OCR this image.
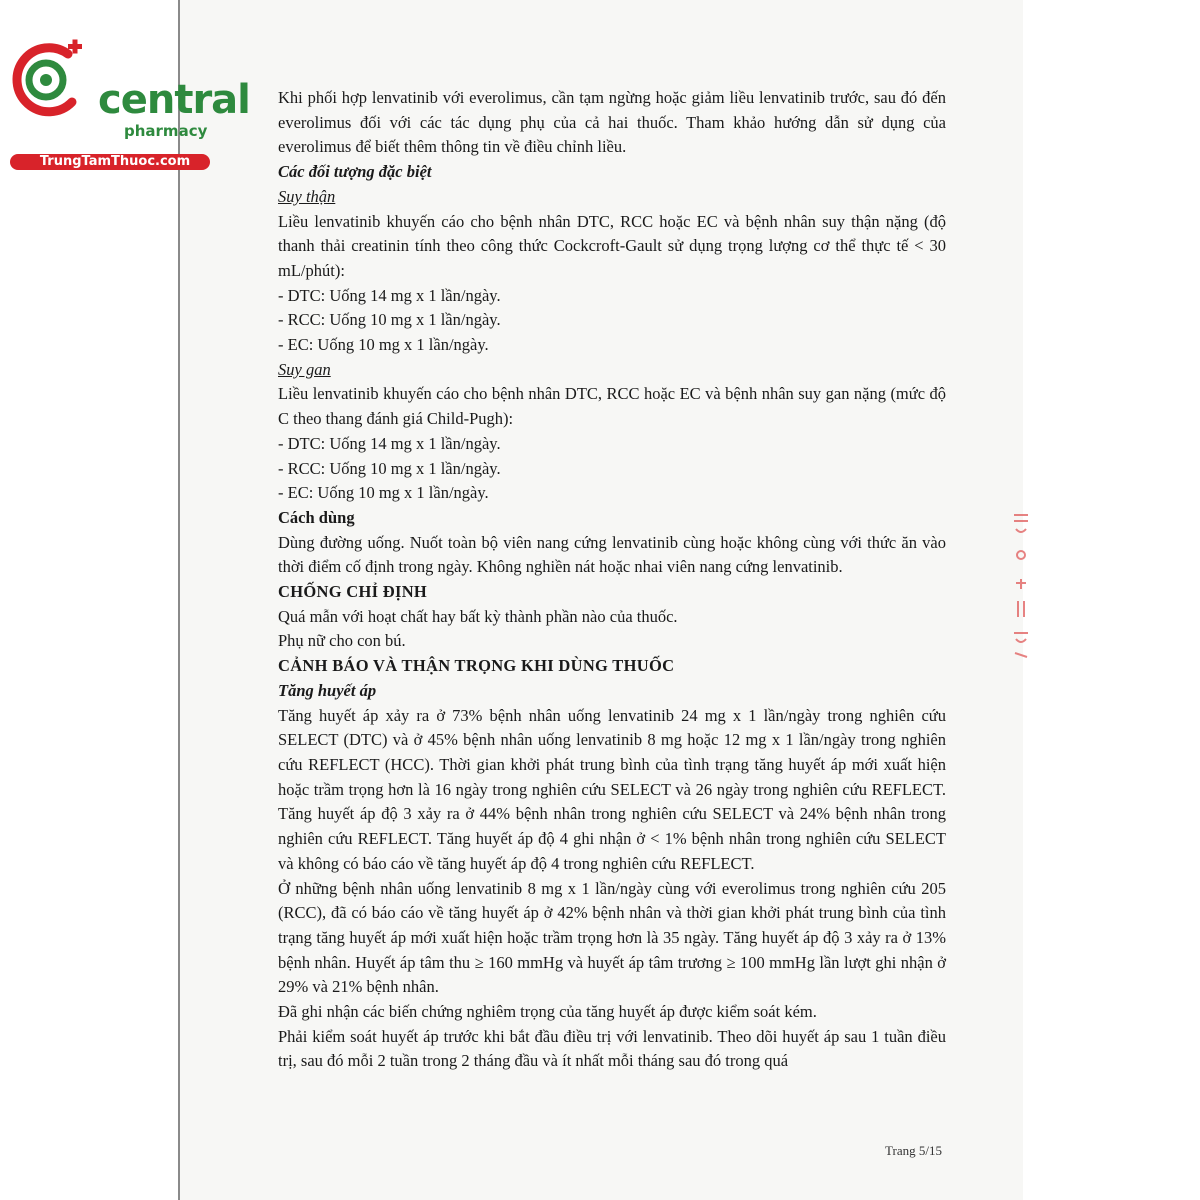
central
pharmacy
TrungTamThuoc.com

Khi phối hợp lenvatinib với everolimus, cần tạm ngừng hoặc giảm liều lenvatinib trước, sau đó đến everolimus đối với các tác dụng phụ của cả hai thuốc. Tham khảo hướng dẫn sử dụng của everolimus để biết thêm thông tin về điều chỉnh liều.

Các đối tượng đặc biệt

Suy thận

Liều lenvatinib khuyến cáo cho bệnh nhân DTC, RCC hoặc EC và bệnh nhân suy thận nặng (độ thanh thải creatinin tính theo công thức Cockcroft-Gault sử dụng trọng lượng cơ thể thực tế < 30 mL/phút):

- DTC: Uống 14 mg x 1 lần/ngày.
- RCC: Uống 10 mg x 1 lần/ngày.
- EC: Uống 10 mg x 1 lần/ngày.

Suy gan

Liều lenvatinib khuyến cáo cho bệnh nhân DTC, RCC hoặc EC và bệnh nhân suy gan nặng (mức độ C theo thang đánh giá Child-Pugh):

- DTC: Uống 14 mg x 1 lần/ngày.
- RCC: Uống 10 mg x 1 lần/ngày.
- EC: Uống 10 mg x 1 lần/ngày.

Cách dùng

Dùng đường uống. Nuốt toàn bộ viên nang cứng lenvatinib cùng hoặc không cùng với thức ăn vào thời điểm cố định trong ngày. Không nghiền nát hoặc nhai viên nang cứng lenvatinib.

CHỐNG CHỈ ĐỊNH

Quá mẫn với hoạt chất hay bất kỳ thành phần nào của thuốc.
Phụ nữ cho con bú.

CẢNH BÁO VÀ THẬN TRỌNG KHI DÙNG THUỐC

Tăng huyết áp

Tăng huyết áp xảy ra ở 73% bệnh nhân uống lenvatinib 24 mg x 1 lần/ngày trong nghiên cứu SELECT (DTC) và ở 45% bệnh nhân uống lenvatinib 8 mg hoặc 12 mg x 1 lần/ngày trong nghiên cứu REFLECT (HCC). Thời gian khởi phát trung bình của tình trạng tăng huyết áp mới xuất hiện hoặc trầm trọng hơn là 16 ngày trong nghiên cứu SELECT và 26 ngày trong nghiên cứu REFLECT. Tăng huyết áp độ 3 xảy ra ở 44% bệnh nhân trong nghiên cứu SELECT và 24% bệnh nhân trong nghiên cứu REFLECT. Tăng huyết áp độ 4 ghi nhận ở < 1% bệnh nhân trong nghiên cứu SELECT và không có báo cáo về tăng huyết áp độ 4 trong nghiên cứu REFLECT.

Ở những bệnh nhân uống lenvatinib 8 mg x 1 lần/ngày cùng với everolimus trong nghiên cứu 205 (RCC), đã có báo cáo về tăng huyết áp ở 42% bệnh nhân và thời gian khởi phát trung bình của tình trạng tăng huyết áp mới xuất hiện hoặc trầm trọng hơn là 35 ngày. Tăng huyết áp độ 3 xảy ra ở 13% bệnh nhân. Huyết áp tâm thu ≥ 160 mmHg và huyết áp tâm trương ≥ 100 mmHg lần lượt ghi nhận ở 29% và 21% bệnh nhân.

Đã ghi nhận các biến chứng nghiêm trọng của tăng huyết áp được kiểm soát kém.

Phải kiểm soát huyết áp trước khi bắt đầu điều trị với lenvatinib. Theo dõi huyết áp sau 1 tuần điều trị, sau đó mỗi 2 tuần trong 2 tháng đầu và ít nhất mỗi tháng sau đó trong quá

Trang 5/15
